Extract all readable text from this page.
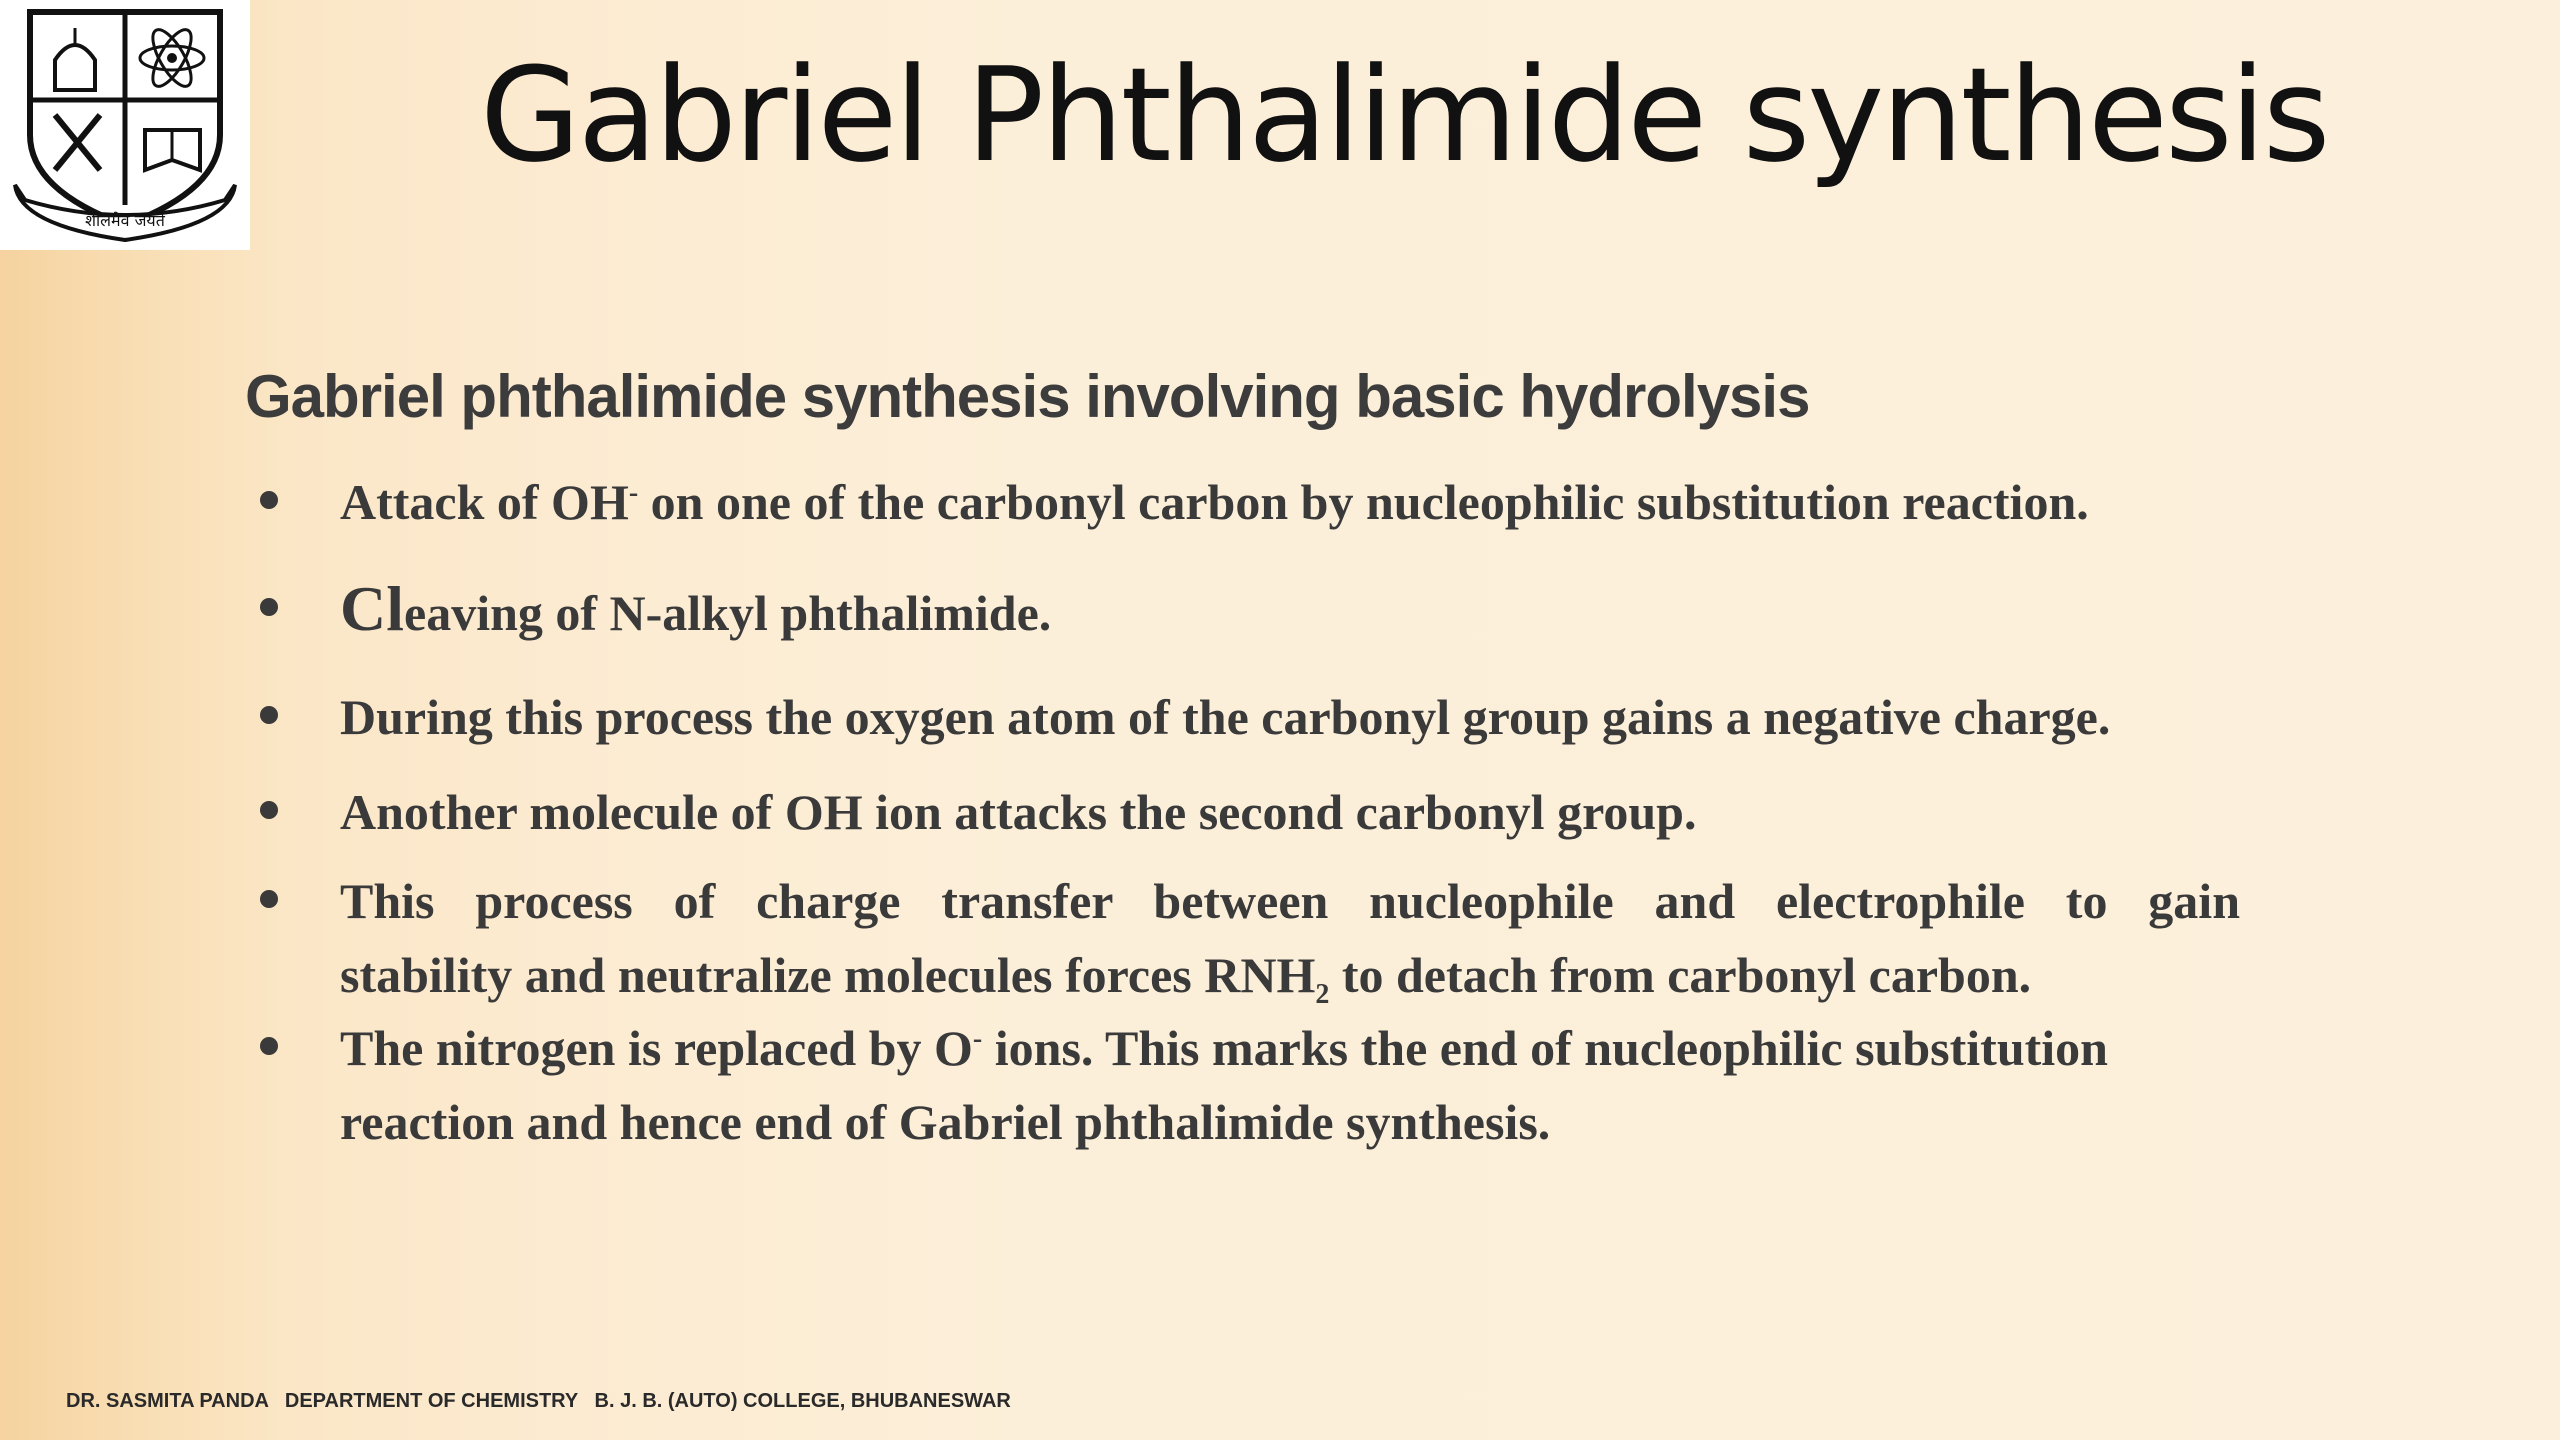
शीलमेव जयते
Gabriel Phthalimide synthesis
Gabriel phthalimide synthesis involving basic hydrolysis
Attack of OH- on one of the carbonyl carbon by nucleophilic substitution reaction.
Cleaving of N-alkyl phthalimide.
During this process the oxygen atom of the carbonyl group gains a negative charge.
Another molecule of OH ion attacks the second carbonyl group.
This process of charge transfer between nucleophile and electrophile to gain
stability and neutralize molecules forces $RNH_2$ to detach from carbonyl carbon.
The nitrogen is replaced by O- ions. This marks the end of nucleophilic substitution
reaction and hence end of Gabriel phthalimide synthesis.
DR. SASMITA PANDA   DEPARTMENT OF CHEMISTRY   B. J. B. (AUTO) COLLEGE, BHUBANESWAR
